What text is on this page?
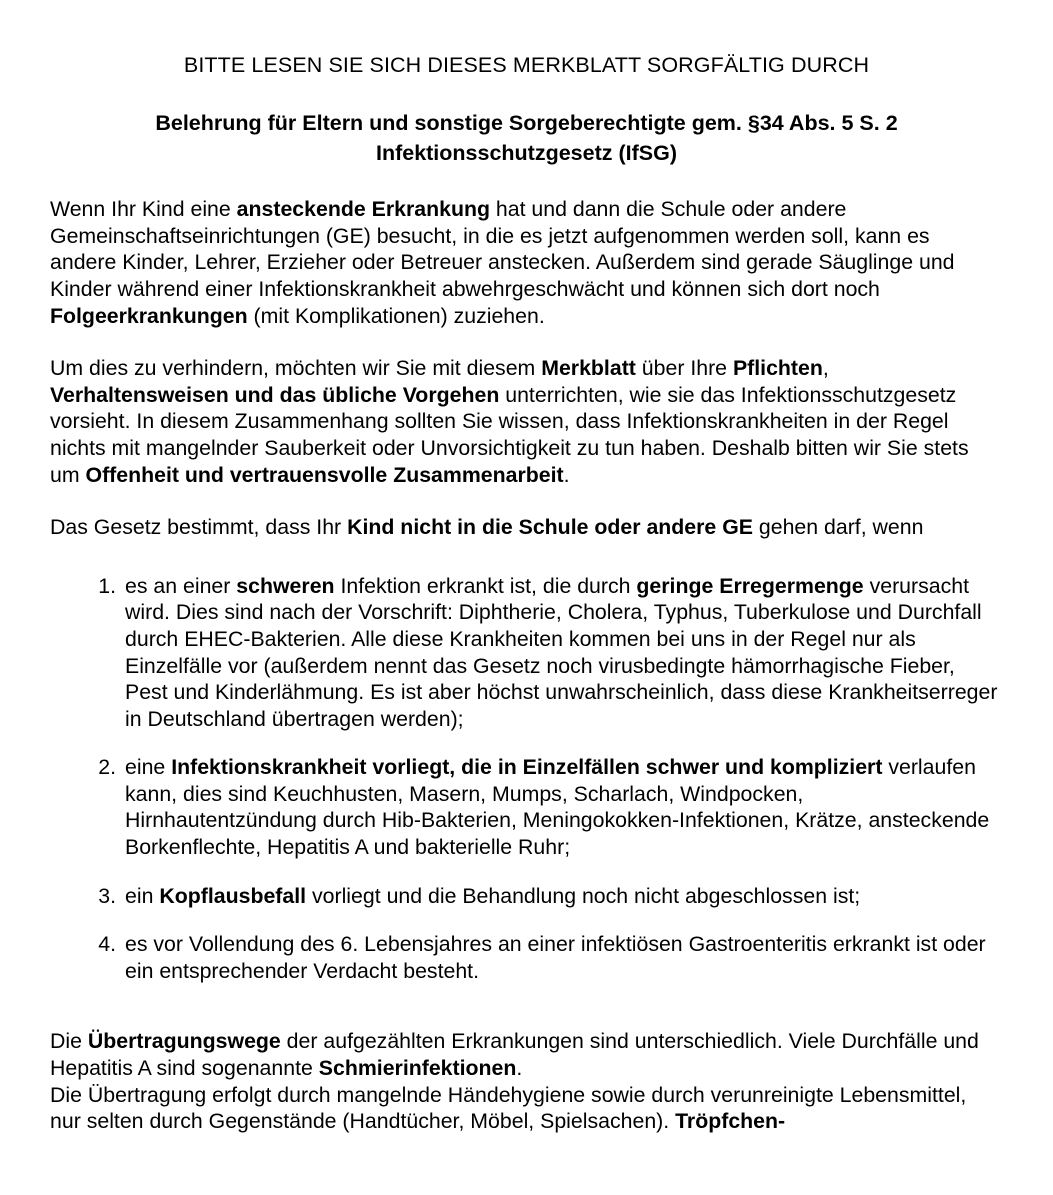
BITTE LESEN SIE SICH DIESES MERKBLATT SORGFÄLTIG DURCH
Belehrung für Eltern und sonstige Sorgeberechtigte gem. §34 Abs. 5 S. 2
Infektionsschutzgesetz (IfSG)

Wenn Ihr Kind eine ansteckende Erkrankung hat und dann die Schule oder andere Gemeinschaftseinrichtungen (GE) besucht, in die es jetzt aufgenommen werden soll, kann es andere Kinder, Lehrer, Erzieher oder Betreuer anstecken. Außerdem sind gerade Säuglinge und Kinder während einer Infektionskrankheit abwehrgeschwächt und können sich dort noch Folgeerkrankungen (mit Komplikationen) zuziehen.

Um dies zu verhindern, möchten wir Sie mit diesem Merkblatt über Ihre Pflichten, Verhaltensweisen und das übliche Vorgehen unterrichten, wie sie das Infektionsschutzgesetz vorsieht. In diesem Zusammenhang sollten Sie wissen, dass Infektionskrankheiten in der Regel nichts mit mangelnder Sauberkeit oder Unvorsichtigkeit zu tun haben. Deshalb bitten wir Sie stets um Offenheit und vertrauensvolle Zusammenarbeit.

Das Gesetz bestimmt, dass Ihr Kind nicht in die Schule oder andere GE gehen darf, wenn

1. es an einer schweren Infektion erkrankt ist, die durch geringe Erregermenge verursacht wird. Dies sind nach der Vorschrift: Diphtherie, Cholera, Typhus, Tuberkulose und Durchfall durch EHEC-Bakterien. Alle diese Krankheiten kommen bei uns in der Regel nur als Einzelfälle vor (außerdem nennt das Gesetz noch virusbedingte hämorrhagische Fieber, Pest und Kinderlähmung. Es ist aber höchst unwahrscheinlich, dass diese Krankheitserreger in Deutschland übertragen werden);
2. eine Infektionskrankheit vorliegt, die in Einzelfällen schwer und kompliziert verlaufen kann, dies sind Keuchhusten, Masern, Mumps, Scharlach, Windpocken, Hirnhautentzündung durch Hib-Bakterien, Meningokokken-Infektionen, Krätze, ansteckende Borkenflechte, Hepatitis A und bakterielle Ruhr;
3. ein Kopflausbefall vorliegt und die Behandlung noch nicht abgeschlossen ist;
4. es vor Vollendung des 6. Lebensjahres an einer infektiösen Gastroenteritis erkrankt ist oder ein entsprechender Verdacht besteht.

Die Übertragungswege der aufgezählten Erkrankungen sind unterschiedlich. Viele Durchfälle und Hepatitis A sind sogenannte Schmierinfektionen.

Die Übertragung erfolgt durch mangelnde Händehygiene sowie durch verunreinigte Lebensmittel, nur selten durch Gegenstände (Handtücher, Möbel, Spielsachen). Tröpfchen-
